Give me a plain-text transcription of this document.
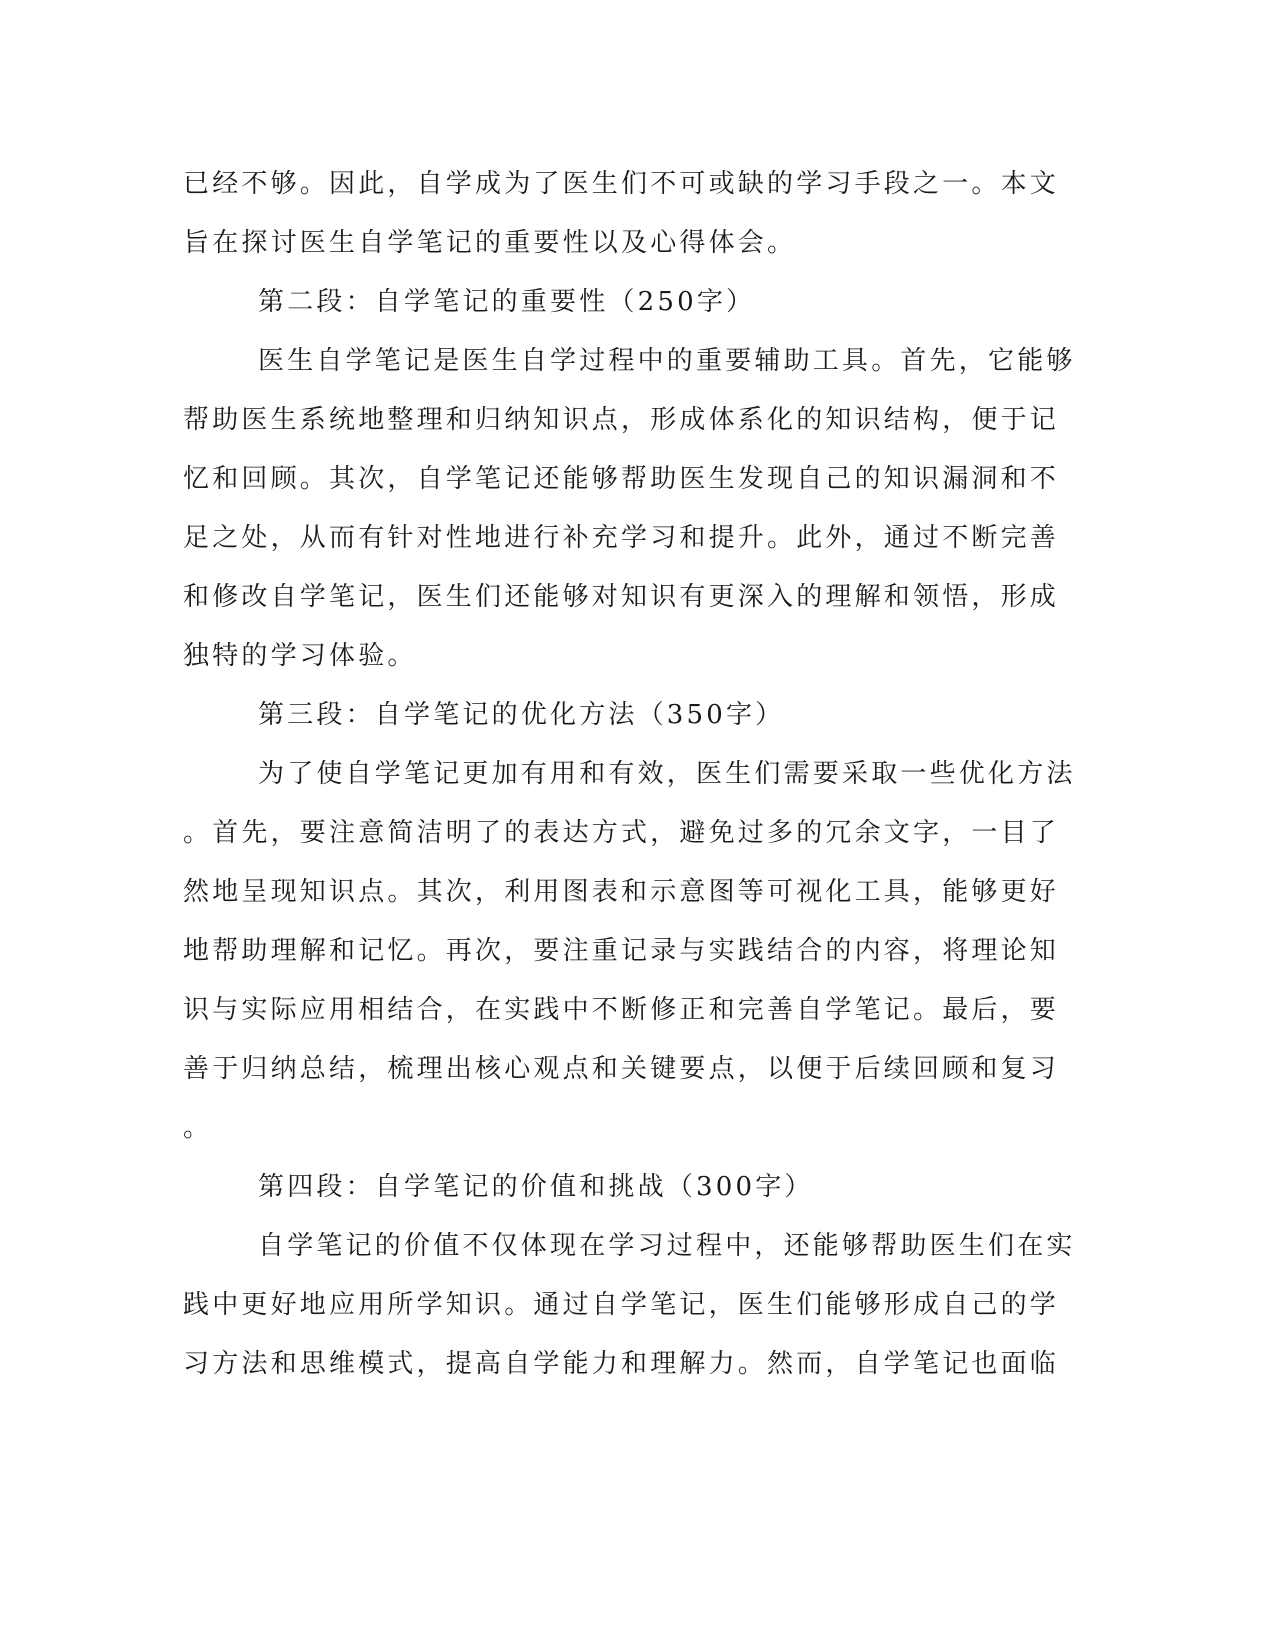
已经不够。因此，自学成为了医生们不可或缺的学习手段之一。本文
旨在探讨医生自学笔记的重要性以及心得体会。
第二段：自学笔记的重要性（250字）
医生自学笔记是医生自学过程中的重要辅助工具。首先，它能够
帮助医生系统地整理和归纳知识点，形成体系化的知识结构，便于记
忆和回顾。其次，自学笔记还能够帮助医生发现自己的知识漏洞和不
足之处，从而有针对性地进行补充学习和提升。此外，通过不断完善
和修改自学笔记，医生们还能够对知识有更深入的理解和领悟，形成
独特的学习体验。
第三段：自学笔记的优化方法（350字）
为了使自学笔记更加有用和有效，医生们需要采取一些优化方法
。首先，要注意简洁明了的表达方式，避免过多的冗余文字，一目了
然地呈现知识点。其次，利用图表和示意图等可视化工具，能够更好
地帮助理解和记忆。再次，要注重记录与实践结合的内容，将理论知
识与实际应用相结合，在实践中不断修正和完善自学笔记。最后，要
善于归纳总结，梳理出核心观点和关键要点，以便于后续回顾和复习
。
第四段：自学笔记的价值和挑战（300字）
自学笔记的价值不仅体现在学习过程中，还能够帮助医生们在实
践中更好地应用所学知识。通过自学笔记，医生们能够形成自己的学
习方法和思维模式，提高自学能力和理解力。然而，自学笔记也面临
